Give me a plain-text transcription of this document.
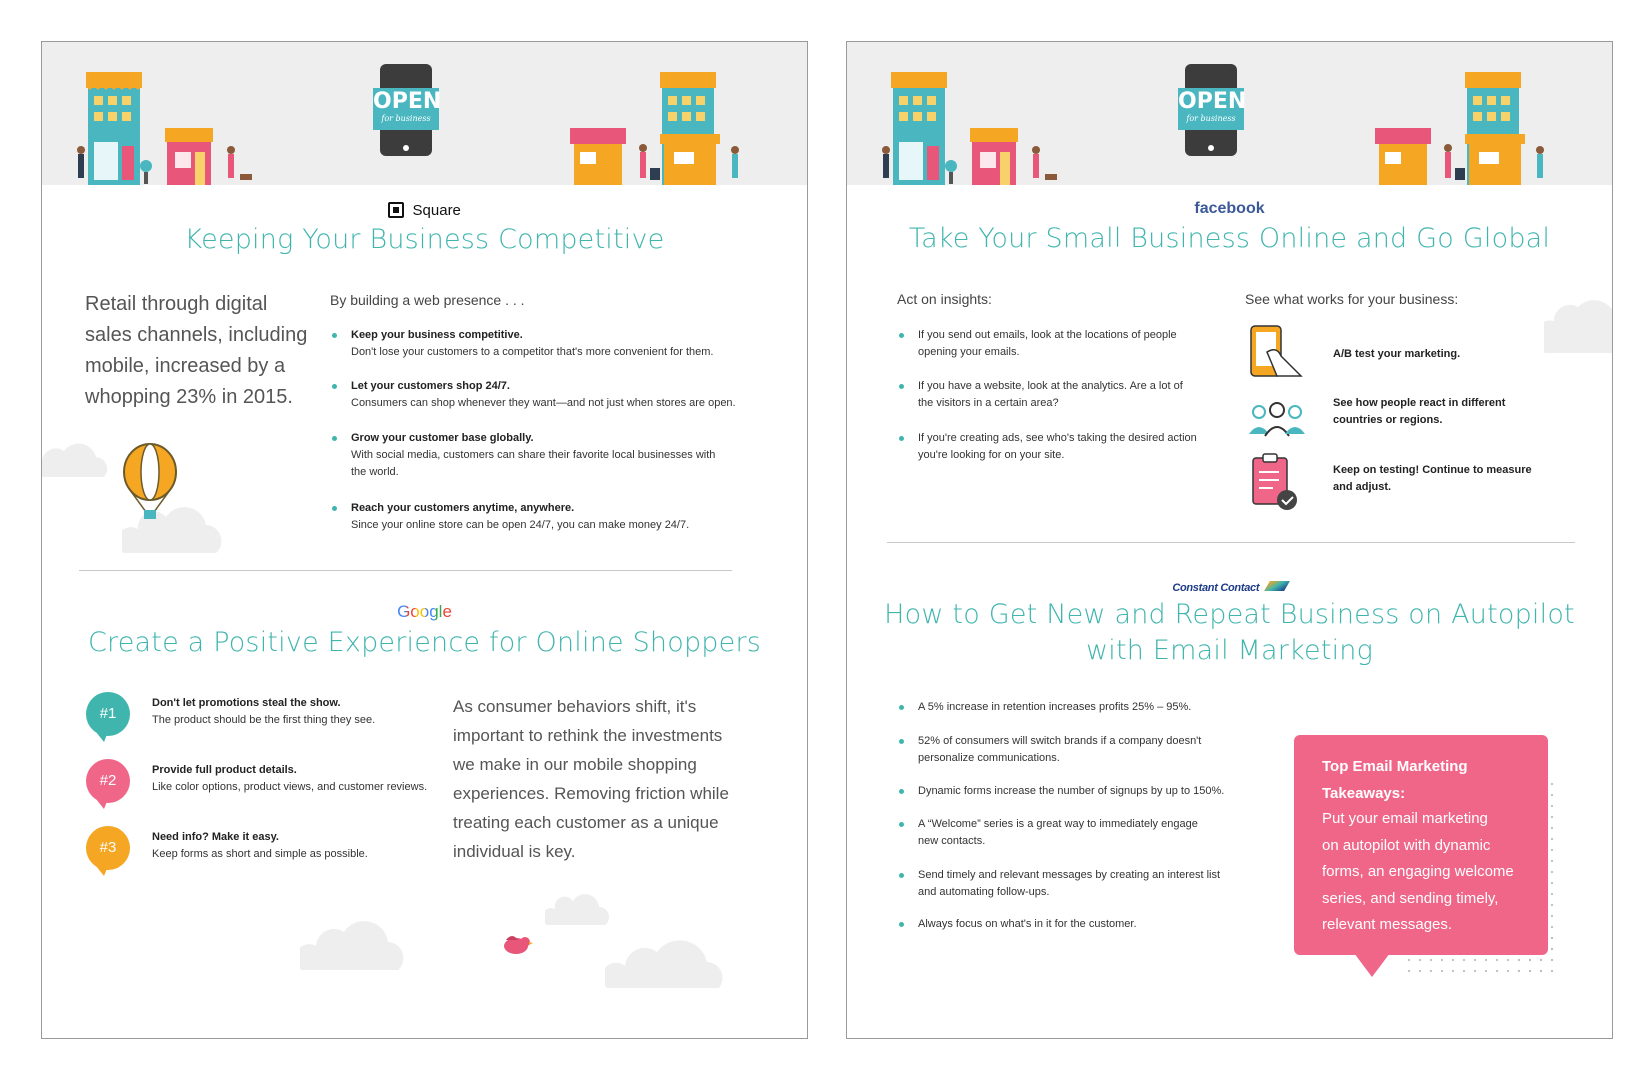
OPEN
for business
Square
Keeping Your Business Competitive
Retail through digital
sales channels, including
mobile, increased by a
whopping 23% in 2015.
By building a web presence . . .
Keep your business competitive.
Don't lose your customers to a competitor that's more convenient for them.
Let your customers shop 24/7.
Consumers can shop whenever they want—and not just when stores are open.
Grow your customer base globally.
With social media, customers can share their favorite local businesses with
the world.
Reach your customers anytime, anywhere.
Since your online store can be open 24/7, you can make money 24/7.
Google
Create a Positive Experience for Online Shoppers
#1
Don't let promotions steal the show.
The product should be the first thing they see.
#2
Provide full product details.
Like color options, product views, and customer reviews.
#3
Need info? Make it easy.
Keep forms as short and simple as possible.
As consumer behaviors shift, it's
important to rethink the investments
we make in our mobile shopping
experiences. Removing friction while
treating each customer as a unique
individual is key.
OPEN
for business
facebook
Take Your Small Business Online and Go Global
Act on insights:
If you send out emails, look at the locations of people
opening your emails.
If you have a website, look at the analytics. Are a lot of
the visitors in a certain area?
If you're creating ads, see who's taking the desired action
you're looking for on your site.
See what works for your business:
A/B test your marketing.
See how people react in different
countries or regions.
Keep on testing! Continue to measure
and adjust.
Constant Contact
How to Get New and Repeat Business on Autopilot
with Email Marketing
A 5% increase in retention increases profits 25% – 95%.
52% of consumers will switch brands if a company doesn't
personalize communications.
Dynamic forms increase the number of signups by up to 150%.
A “Welcome” series is a great way to immediately engage
new contacts.
Send timely and relevant messages by creating an interest list
and automating follow-ups.
Always focus on what's in it for the customer.
Top Email Marketing
Takeaways:
Put your email marketing
on autopilot with dynamic
forms, an engaging welcome
series, and sending timely,
relevant messages.
